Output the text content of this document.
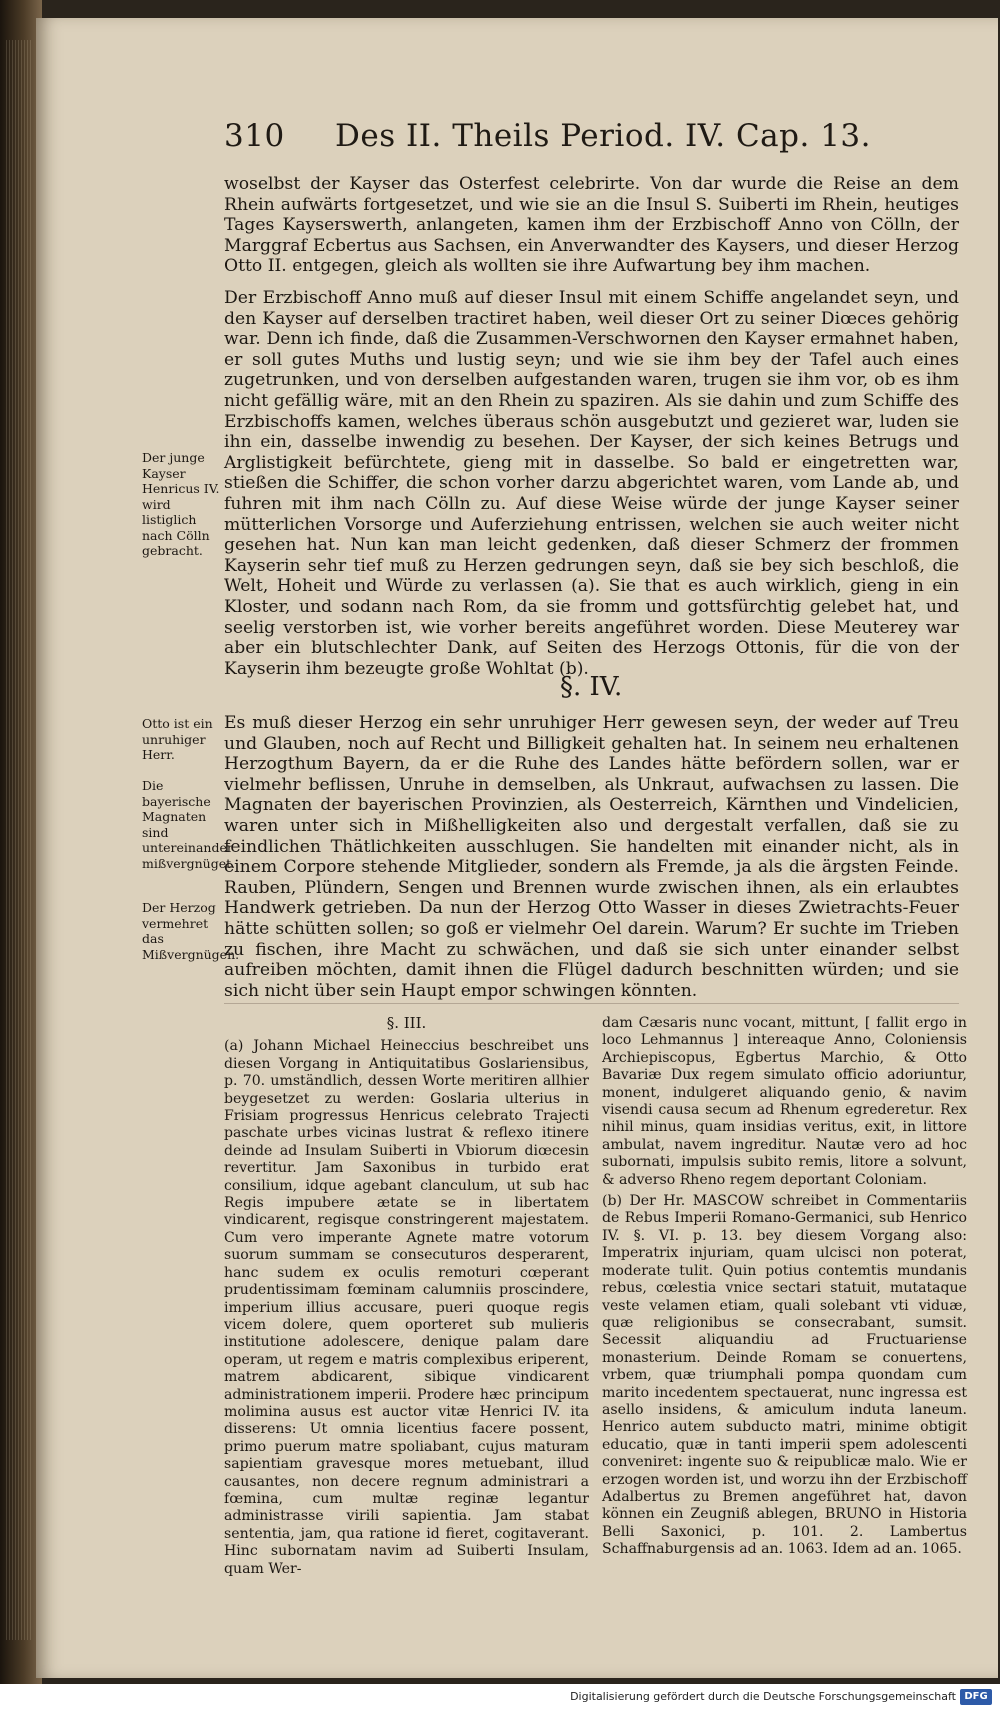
310 Des II. Theils Period. IV. Cap. 13.

woselbst der Kayser das Osterfest celebrirte. Von dar wurde die Reise an dem Rhein aufwärts fortgesetzet, und wie sie an die Insul S. Suiberti im Rhein, heutiges Tages Kayserswerth, anlangeten, kamen ihm der Erzbischoff Anno von Cölln, der Marggraf Ecbertus aus Sachsen, ein Anverwandter des Kaysers, und dieser Herzog Otto II. entgegen, gleich als wollten sie ihre Aufwartung bey ihm machen.

Der Erzbischoff Anno muß auf dieser Insul mit einem Schiffe angelandet seyn, und den Kayser auf derselben tractiret haben, weil dieser Ort zu seiner Diœces gehörig war. Denn ich finde, daß die Zusammen-Verschwornen den Kayser ermahnet haben, er soll gutes Muths und lustig seyn; und wie sie ihm bey der Tafel auch eines zugetrunken, und von derselben aufgestanden waren, trugen sie ihm vor, ob es ihm nicht gefällig wäre, mit an den Rhein zu spaziren. Als sie dahin und zum Schiffe des Erzbischoffs kamen, welches überaus schön ausgebutzt und gezieret war, luden sie ihn ein, dasselbe inwendig zu besehen. Der Kayser, der sich keines Betrugs und Arglistigkeit befürchtete, gieng mit in dasselbe. So bald er eingetretten war, stießen die Schiffer, die schon vorher darzu abgerichtet waren, vom Lande ab, und fuhren mit ihm nach Cölln zu. Auf diese Weise würde der junge Kayser seiner mütterlichen Vorsorge und Auferziehung entrissen, welchen sie auch weiter nicht gesehen hat. Nun kan man leicht gedenken, daß dieser Schmerz der frommen Kayserin sehr tief muß zu Herzen gedrungen seyn, daß sie bey sich beschloß, die Welt, Hoheit und Würde zu verlassen (a). Sie that es auch wirklich, gieng in ein Kloster, und sodann nach Rom, da sie fromm und gottsfürchtig gelebet hat, und seelig verstorben ist, wie vorher bereits angeführet worden. Diese Meuterey war aber ein blutschlechter Dank, auf Seiten des Herzogs Ottonis, für die von der Kayserin ihm bezeugte große Wohltat (b).

§. IV.

Es muß dieser Herzog ein sehr unruhiger Herr gewesen seyn, der weder auf Treu und Glauben, noch auf Recht und Billigkeit gehalten hat. In seinem neu erhaltenen Herzogthum Bayern, da er die Ruhe des Landes hätte befördern sollen, war er vielmehr beflissen, Unruhe in demselben, als Unkraut, aufwachsen zu lassen. Die Magnaten der bayerischen Provinzien, als Oesterreich, Kärnthen und Vindelicien, waren unter sich in Mißhelligkeiten also und dergestalt verfallen, daß sie zu feindlichen Thätlichkeiten ausschlugen. Sie handelten mit einander nicht, als in einem Corpore stehende Mitglieder, sondern als Fremde, ja als die ärgsten Feinde. Rauben, Plündern, Sengen und Brennen wurde zwischen ihnen, als ein erlaubtes Handwerk getrieben. Da nun der Herzog Otto Wasser in dieses Zwietrachts-Feuer hätte schütten sollen; so goß er vielmehr Oel darein. Warum? Er suchte im Trieben zu fischen, ihre Macht zu schwächen, und daß sie sich unter einander selbst aufreiben möchten, damit ihnen die Flügel dadurch beschnitten würden; und sie sich nicht über sein Haupt empor schwingen könnten.

Der junge Kayser Henricus IV. wird listiglich nach Cölln gebracht.
Otto ist ein unruhiger Herr.
Die bayerische Magnaten sind untereinander mißvergnüget.
Der Herzog vermehret das Mißvergnügen.
§. III.

(a) Johann Michael Heineccius beschreibet uns diesen Vorgang in Antiquitatibus Goslariensibus, p. 70. umständlich, dessen Worte meritiren allhier beygesetzet zu werden: Goslaria ulterius in Frisiam progressus Henricus celebrato Trajecti paschate urbes vicinas lustrat & reflexo itinere deinde ad Insulam Suiberti in Vbiorum diœcesin revertitur. Jam Saxonibus in turbido erat consilium, idque agebant clanculum, ut sub hac Regis impubere ætate se in libertatem vindicarent, regisque constringerent majestatem. Cum vero imperante Agnete matre votorum suorum summam se consecuturos desperarent, hanc sudem ex oculis remoturi cœperant prudentissimam fœminam calumniis proscindere, imperium illius accusare, pueri quoque regis vicem dolere, quem oporteret sub mulieris institutione adolescere, denique palam dare operam, ut regem e matris complexibus eriperent, matrem abdicarent, sibique vindicarent administrationem imperii. Prodere hæc principum molimina ausus est auctor vitæ Henrici IV. ita disserens: Ut omnia licentius facere possent, primo puerum matre spoliabant, cujus maturam sapientiam gravesque mores metuebant, illud causantes, non decere regnum administrari a fœmina, cum multæ reginæ legantur administrasse virili sapientia. Jam stabat sententia, jam, qua ratione id fieret, cogitaverant. Hinc subornatam navim ad Suiberti Insulam, quam Wer-

dam Cæsaris nunc vocant, mittunt, [ fallit ergo in loco Lehmannus ] intereaque Anno, Coloniensis Archiepiscopus, Egbertus Marchio, & Otto Bavariæ Dux regem simulato officio adoriuntur, monent, indulgeret aliquando genio, & navim visendi causa secum ad Rhenum egrederetur. Rex nihil minus, quam insidias veritus, exit, in littore ambulat, navem ingreditur. Nautæ vero ad hoc subornati, impulsis subito remis, litore a solvunt, & adverso Rheno regem deportant Coloniam.

(b) Der Hr. MASCOW schreibet in Commentariis de Rebus Imperii Romano-Germanici, sub Henrico IV. §. VI. p. 13. bey diesem Vorgang also: Imperatrix injuriam, quam ulcisci non poterat, moderate tulit. Quin potius contemtis mundanis rebus, cœlestia vnice sectari statuit, mutataque veste velamen etiam, quali solebant vti viduæ, quæ religionibus se consecrabant, sumsit. Secessit aliquandiu ad Fructuariense monasterium. Deinde Romam se conuertens, vrbem, quæ triumphali pompa quondam cum marito incedentem spectauerat, nunc ingressa est asello insidens, & amiculum induta laneum. Henrico autem subducto matri, minime obtigit educatio, quæ in tanti imperii spem adolescenti conveniret: ingente suo & reipublicæ malo. Wie er erzogen worden ist, und worzu ihn der Erzbischoff Adalbertus zu Bremen angeführet hat, davon können ein Zeugniß ablegen, BRUNO in Historia Belli Saxonici, p. 101. 2. Lambertus Schaffnaburgensis ad an. 1063. Idem ad an. 1065.

Digitalisierung gefördert durch die Deutsche Forschungsgemeinschaft DFG
